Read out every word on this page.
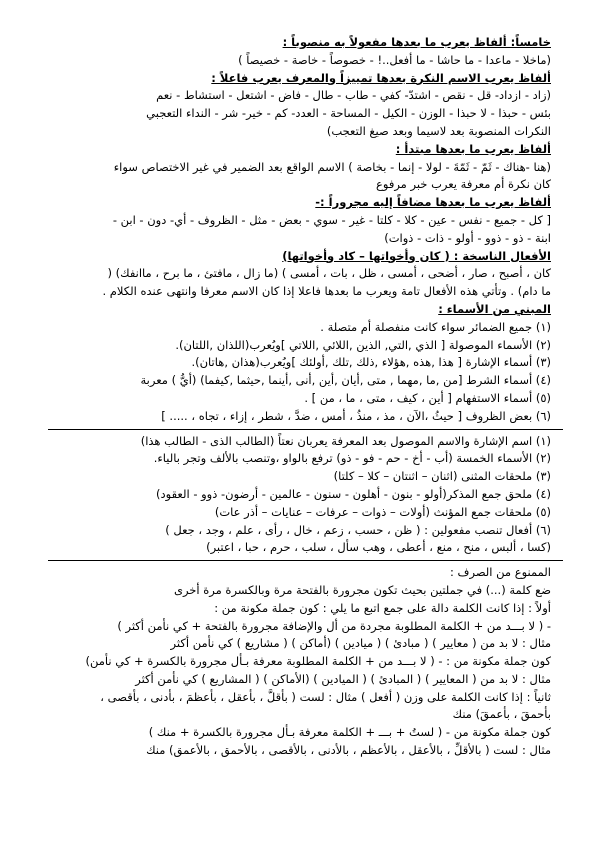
خامساً: ألفاظ يعرب ما بعدها مفعولاً به منصوباً :
(ماخلا - ماعدا - ما حاشا - ما أفعل..! - خصوصاً - خاصة - خصيصاً )
ألفاظ يعرب الاسم النكرة بعدها تمييزاً والمعرف يعرب فاعلاً :
(زاد - ازداد- قل - نقص - اشتدّ- كفي - طاب - طال - فاض - اشتعل - استشاط - نعم
بئس - حبذا - لا حبذا - الوزن - الكيل - المساحة - العدد- كم - خير- شر - النداء التعجبي
النكرات المنصوبة بعد لاسيما وبعد صيغ التعجب)
ألفاظ يعرب ما بعدها مبتدأ :
(هنا -هناك - ثَمّ - ثَمّةَ - لولا - إنما - بخاصة ) الاسم الواقع بعد الضمير في غير الاختصاص سواء
كان نكرة أم معرفة يعرب خبر مرفوع
ألفاظ يعرب ما بعدها مضافاً إليه مجروراً :-
[ كل - جميع - نفس - عين - كلا - كلتا - غير - سوي - بعض - مثل - الظروف - أي- دون - ابن -
ابنة - ذو - ذوو - أولو - ذات - ذوات)
الأفعال الناسخة : ( كان وأخواتها – كاد وأخواتها)
كان ، أصبح ، صار ، أضحى ، أمسى ، ظل ، بات ، أمسى ) (ما زال ، مافتئ ، ما برح ، ماانفك) (
ما دام) . وتأتي هذه الأفعال تامة ويعرب ما بعدها فاعلا إذا كان الاسم معرفا وانتهى عنده الكلام .
المبني من الأسماء :
(١) جميع الضمائر سواء كانت منفصلة أم متصلة .
(٢) الأسماء الموصولة [ الذي ,التي, الذين ,اللائي ,اللاتي ]ويُعرب(اللذان ,اللتان).
(٣) أسماء الإشارة [ هذا ,هذه ,هؤلاء ,ذلك ,تلك ,أولئك ]ويُعرب(هذان ,هاتان).
(٤) أسماء الشرط [من ,ما ,مهما , متى ,أيان ,أين ,أنى ,أينما ,حيثما ,كيفما) (أيُّ ) معربة
(٥) أسماء الاستفهام [ أين ، كيف ، متى ، ما ، من ] .
(٦) بعض الظروف [ حيثُ ،الآن ، مذ ، منذُ ، أمس ، ضدَّ ، شطر ، إزاء ، تجاه ، ..... ]
(١) اسم الإشارة والاسم الموصول بعد المعرفة يعربان نعتاً (الطالب الذى - الطالب هذا)
(٢) الأسماء الخمسة (أب - أخ - حم - فو - ذو) ترفع بالواو ،وتنصب بالألف وتجر بالياء.
(٣) ملحقات المثنى (اثنان – اثنتان – كلا – كلتا)
(٤) ملحق جمع المذكر(أولو - بنون - أهلون - سنون - عالمين - أرضون- ذوو - العقود)
(٥) ملحقات جمع المؤنث (أولات – ذوات – عرفات – عنايات – أذر عات)
(٦) أفعال تنصب مفعولين : ( ظن ، حسب ، زعم ، خال ، رأى ، علم ، وجد ، جعل )
(كسا ، ألبس ، منح ، منع ، أعطى ، وهب سأل ، سلب ، حرم ، حبا ، اعتبر)
الممنوع من الصرف :
ضع كلمة (...) في جملتين بحيث تكون مجرورة بالفتحة مرة وبالكسرة مرة أخرى
أولاً : إذا كانت الكلمة دالة على جمع اتبع ما يلي : كون جملة مكونة من :
- ( لا بـــد من + الكلمة المطلوبة مجردة من أل والإضافة مجرورة بالفتحة + كي نأمن أكثر )
مثال : لا بد من ( معايير ) ( مبادئ ) ( ميادين ) (أماكن ) ( مشاريع ) كي نأمن أكثر
كون جملة مكونة من : - ( لا بـــد من + الكلمة المطلوبة معرفة بـأل مجرورة بالكسرة + كي نأمن)
مثال : لا بد من ( المعايير ) ( المبادئ ) ( الميادين ) (الأماكن ) ( المشاريع ) كي نأمن أكثر
ثانياً : إذا كانت الكلمة على وزن ( أفعل ) مثال : لست ( بأقلَّ ، بأعقل ، بأعظمَ ، بأدنى ، بأقصى ،
بأحمقَ ، بأعمقَ) منك
كون جملة مكونة من - ( لستُ + بـــ + الكلمة معرفة بـأل مجرورة بالكسرة + منك )
مثال : لست ( بالأقلِّ ، بالأعقل ، بالأعظم ، بالأدنى ، بالأقصى ، بالأحمق ، بالأعمق) منك
